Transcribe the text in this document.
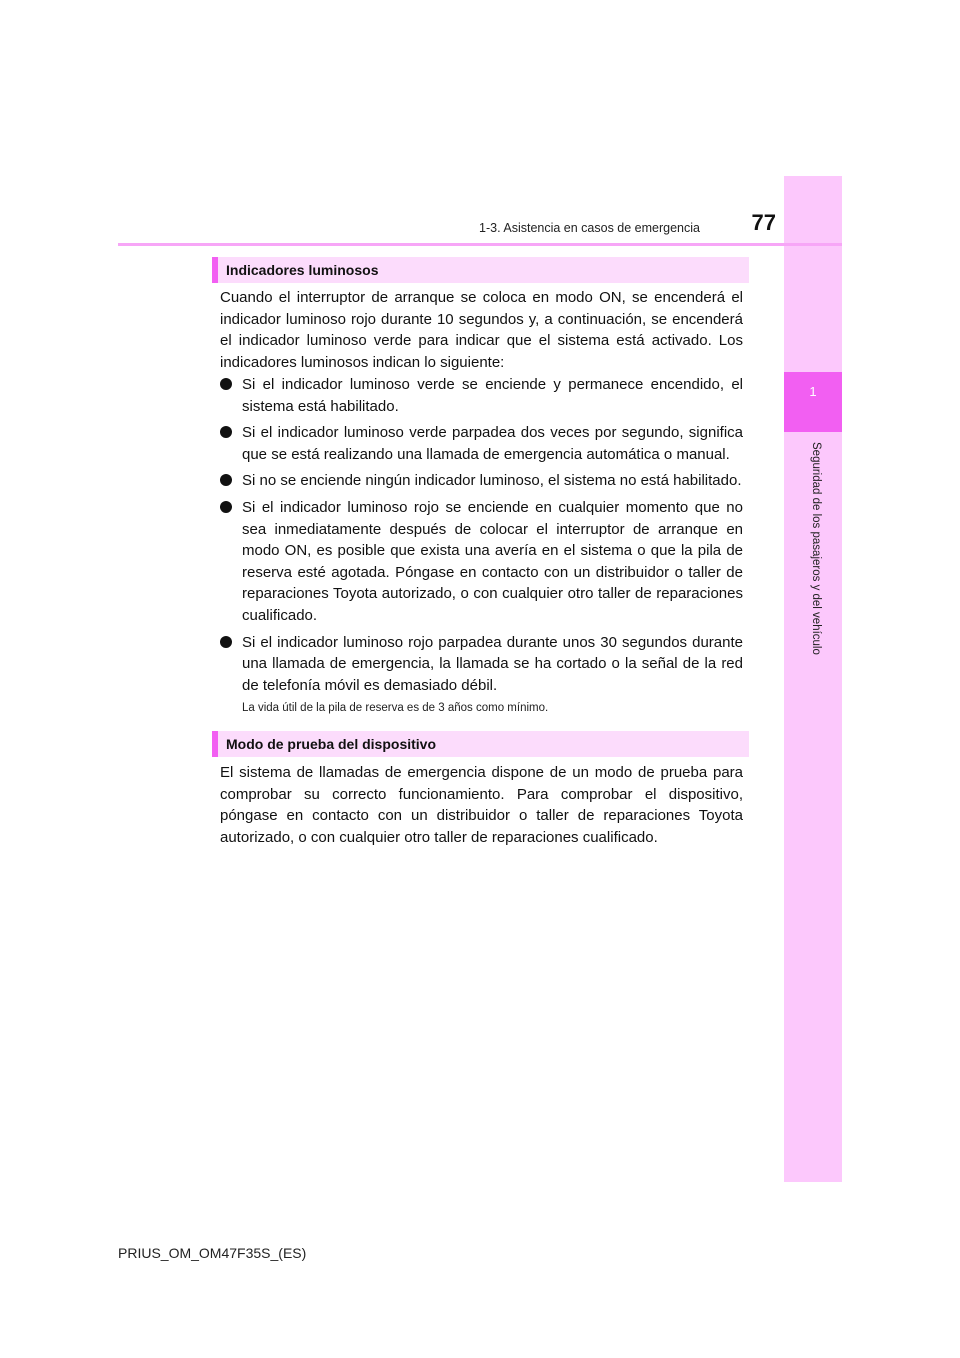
1
Seguridad de los pasajeros y del vehículo
1-3. Asistencia en casos de emergencia	77
Indicadores luminosos

Cuando el interruptor de arranque se coloca en modo ON, se encenderá el indicador luminoso rojo durante 10 segundos y, a continuación, se encenderá el indicador luminoso verde para indicar que el sistema está activado. Los indicadores luminosos indican lo siguiente:

Si el indicador luminoso verde se enciende y permanece encendido, el sistema está habilitado.
Si el indicador luminoso verde parpadea dos veces por segundo, significa que se está realizando una llamada de emergencia automática o manual.
Si no se enciende ningún indicador luminoso, el sistema no está habilitado.
Si el indicador luminoso rojo se enciende en cualquier momento que no sea inmediatamente después de colocar el interruptor de arranque en modo ON, es posible que exista una avería en el sistema o que la pila de reserva esté agotada. Póngase en contacto con un distribuidor o taller de reparaciones Toyota autorizado, o con cualquier otro taller de reparaciones cualificado.
Si el indicador luminoso rojo parpadea durante unos 30 segundos durante una llamada de emergencia, la llamada se ha cortado o la señal de la red de telefonía móvil es demasiado débil.
La vida útil de la pila de reserva es de 3 años como mínimo.
Modo de prueba del dispositivo

El sistema de llamadas de emergencia dispone de un modo de prueba para comprobar su correcto funcionamiento. Para comprobar el dispositivo, póngase en contacto con un distribuidor o taller de reparaciones Toyota autorizado, o con cualquier otro taller de reparaciones cualificado.

PRIUS_OM_OM47F35S_(ES)
